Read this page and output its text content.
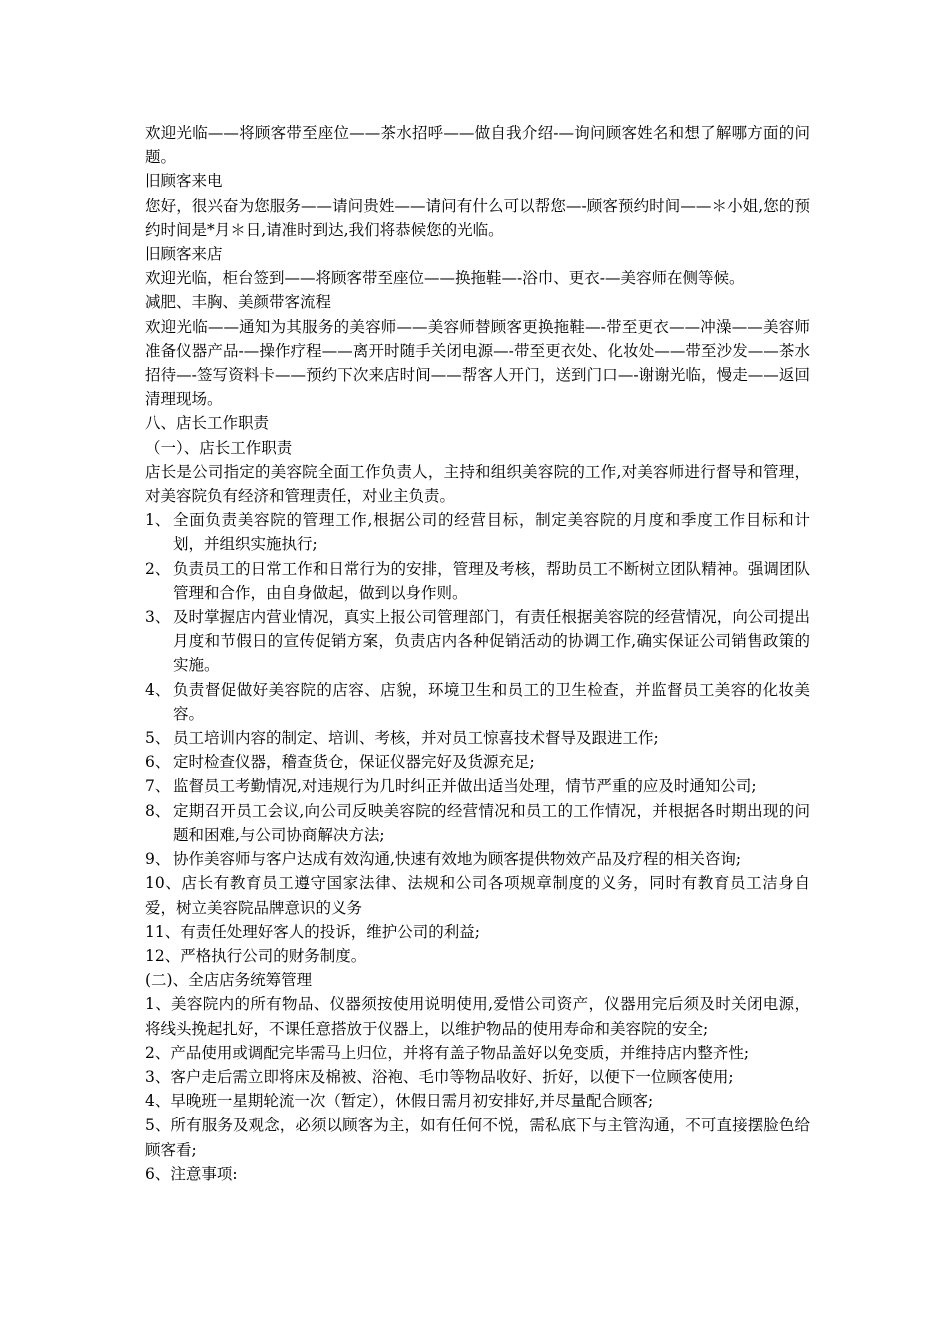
欢迎光临——将顾客带至座位——茶水招呼——做自我介绍-—询问顾客姓名和想了解哪方面的问题。

旧顾客来电

您好，很兴奋为您服务——请问贵姓——请问有什么可以帮您—-顾客预约时间——＊小姐,您的预约时间是*月＊日,请准时到达,我们将恭候您的光临。

旧顾客来店

欢迎光临，柜台签到——将顾客带至座位——换拖鞋—-浴巾、更衣-—美容师在侧等候。

减肥、丰胸、美颜带客流程

欢迎光临——通知为其服务的美容师——美容师替顾客更换拖鞋—-带至更衣——冲澡——美容师准备仪器产品-—操作疗程——离开时随手关闭电源—-带至更衣处、化妆处——带至沙发——茶水招待—-签写资料卡——预约下次来店时间——帮客人开门，送到门口—-谢谢光临，慢走——返回清理现场。

八、店长工作职责

（一）、店长工作职责

店长是公司指定的美容院全面工作负责人，主持和组织美容院的工作,对美容师进行督导和管理，对美容院负有经济和管理责任，对业主负责。

1、 全面负责美容院的管理工作,根据公司的经营目标，制定美容院的月度和季度工作目标和计划，并组织实施执行;
2、 负责员工的日常工作和日常行为的安排，管理及考核，帮助员工不断树立团队精神。强调团队管理和合作，由自身做起，做到以身作则。
3、 及时掌握店内营业情况，真实上报公司管理部门，有责任根据美容院的经营情况，向公司提出月度和节假日的宣传促销方案，负责店内各种促销活动的协调工作,确实保证公司销售政策的实施。
4、 负责督促做好美容院的店容、店貌，环境卫生和员工的卫生检查，并监督员工美容的化妆美容。
5、 员工培训内容的制定、培训、考核，并对员工惊喜技术督导及跟进工作;
6、 定时检查仪器，稽查货仓，保证仪器完好及货源充足;
7、 监督员工考勤情况,对违规行为几时纠正并做出适当处理，情节严重的应及时通知公司;
8、 定期召开员工会议,向公司反映美容院的经营情况和员工的工作情况，并根据各时期出现的问题和困难,与公司协商解决方法;
9、 协作美容师与客户达成有效沟通,快速有效地为顾客提供物效产品及疗程的相关咨询;

10、店长有教育员工遵守国家法律、法规和公司各项规章制度的义务，同时有教育员工洁身自爱，树立美容院品牌意识的义务

11、有责任处理好客人的投诉，维护公司的利益;

12、严格执行公司的财务制度。

(二)、全店店务统筹管理

1、美容院内的所有物品、仪器须按使用说明使用,爱惜公司资产，仪器用完后须及时关闭电源，将线头挽起扎好，不课任意搭放于仪器上，以维护物品的使用寿命和美容院的安全;

2、产品使用或调配完毕需马上归位，并将有盖子物品盖好以免变质，并维持店内整齐性;

3、客户走后需立即将床及棉被、浴袍、毛巾等物品收好、折好，以便下一位顾客使用;

4、早晚班一星期轮流一次（暂定），休假日需月初安排好,并尽量配合顾客;

5、所有服务及观念，必须以顾客为主，如有任何不悦，需私底下与主管沟通，不可直接摆脸色给顾客看;

6、注意事项:
